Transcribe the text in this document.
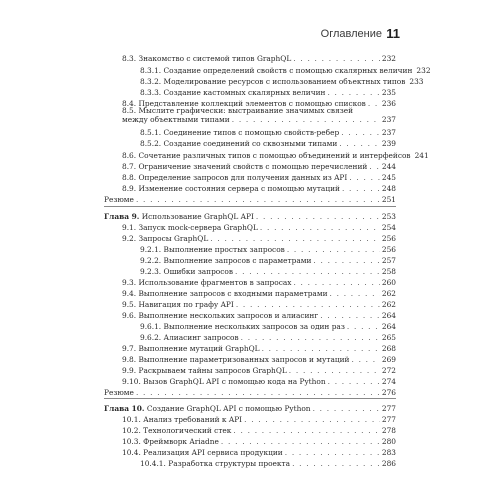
Оглавление 11
8.3. Знакомство с системой типов GraphQL . . .	232
8.3.1. Создание определений свойств с помощью скалярных величин 232
8.3.2. Моделирование ресурсов с использованием объектных типов 233
8.3.3. Создание кастомных скалярных величин . . .	235
8.4. Представление коллекций элементов с помощью списков . . . 236
8.5. Мыслите графически: выстраивание значимых связей
между объектными типами . . .	237
8.5.1. Соединение типов с помощью свойств-ребер . . .	237
8.5.2. Создание соединений со сквозными типами . . .	239
8.6. Сочетание различных типов с помощью объединений и интерфейсов 241
8.7. Ограничение значений свойств с помощью перечислений . . . 244
8.8. Определение запросов для получения данных из API . . .	245
8.9. Изменение состояния сервера с помощью мутаций . . .	248
Резюме . . .	251
Глава 9. Использование GraphQL API . . .	253
9.1. Запуск mock-сервера GraphQL . . .	254
9.2. Запросы GraphQL . . .	256
9.2.1. Выполнение простых запросов . . .	256
9.2.2. Выполнение запросов с параметрами . . .	257
9.2.3. Ошибки запросов . . .	258
9.3. Использование фрагментов в запросах . . .	260
9.4. Выполнение запросов с входными параметрами . . .	262
9.5. Навигация по графу API . . .	262
9.6. Выполнение нескольких запросов и алиасинг . . .	264
9.6.1. Выполнение нескольких запросов за один раз . . .	264
9.6.2. Алиасинг запросов . . .	265
9.7. Выполнение мутаций GraphQL . . .	268
9.8. Выполнение параметризованных запросов и мутаций . . .	269
9.9. Раскрываем тайны запросов GraphQL . . .	272
9.10. Вызов GraphQL API с помощью кода на Python . . .	274
Резюме . . .	276
Глава 10. Создание GraphQL API с помощью Python . . .	277
10.1. Анализ требований к API . . .	277
10.2. Технологический стек . . .	278
10.3. Фреймворк Ariadne . . .	280
10.4. Реализация API сервиса продукции . . .	283
10.4.1. Разработка структуры проекта . . .	286
